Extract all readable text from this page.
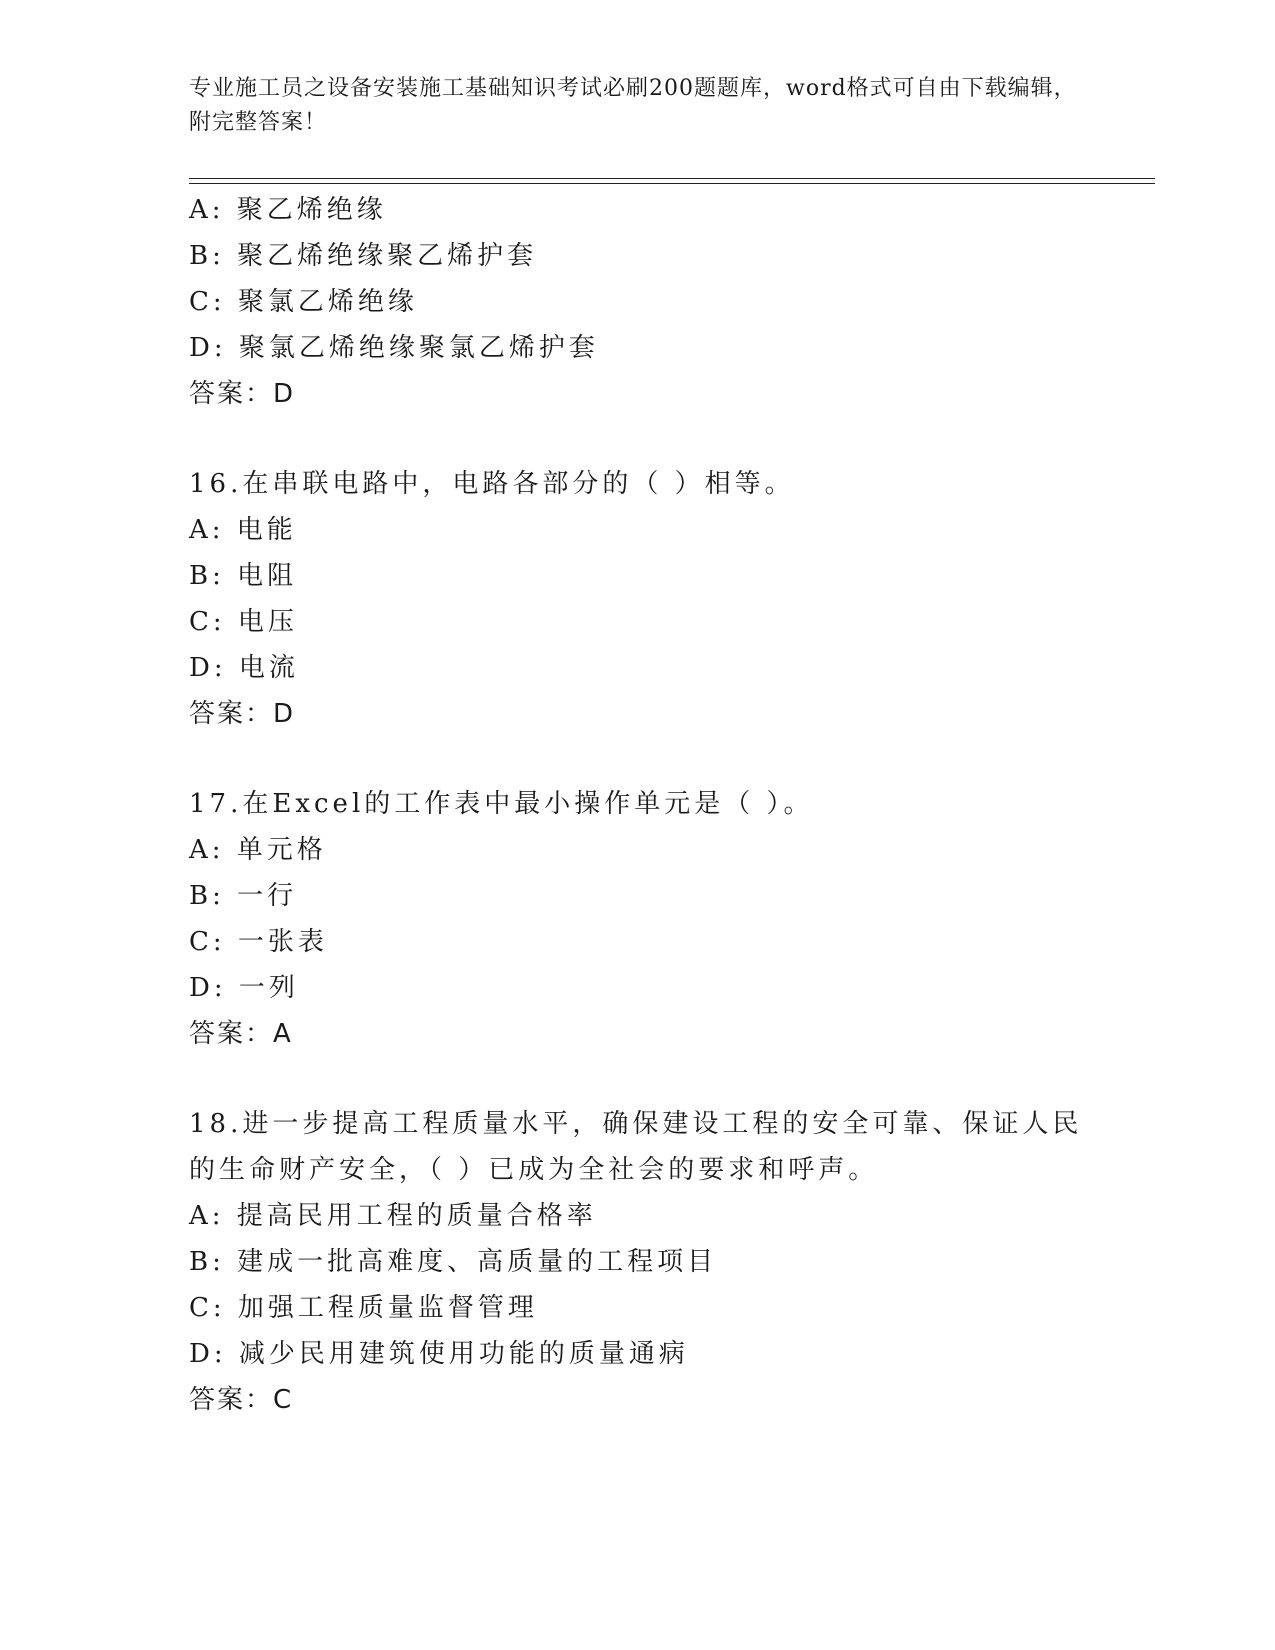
专业施工员之设备安装施工基础知识考试必刷200题题库，word格式可自由下载编辑，附完整答案！
A: 聚乙烯绝缘
B: 聚乙烯绝缘聚乙烯护套
C: 聚氯乙烯绝缘
D: 聚氯乙烯绝缘聚氯乙烯护套
答案：D
16.在串联电路中，电路各部分的（ ）相等。
A: 电能
B: 电阻
C: 电压
D: 电流
答案：D
17.在Excel的工作表中最小操作单元是（ ）。
A: 单元格
B: 一行
C: 一张表
D: 一列
答案：A
18.进一步提高工程质量水平，确保建设工程的安全可靠、保证人民的生命财产安全，（ ）已成为全社会的要求和呼声。
A: 提高民用工程的质量合格率
B: 建成一批高难度、高质量的工程项目
C: 加强工程质量监督管理
D: 减少民用建筑使用功能的质量通病
答案：C
